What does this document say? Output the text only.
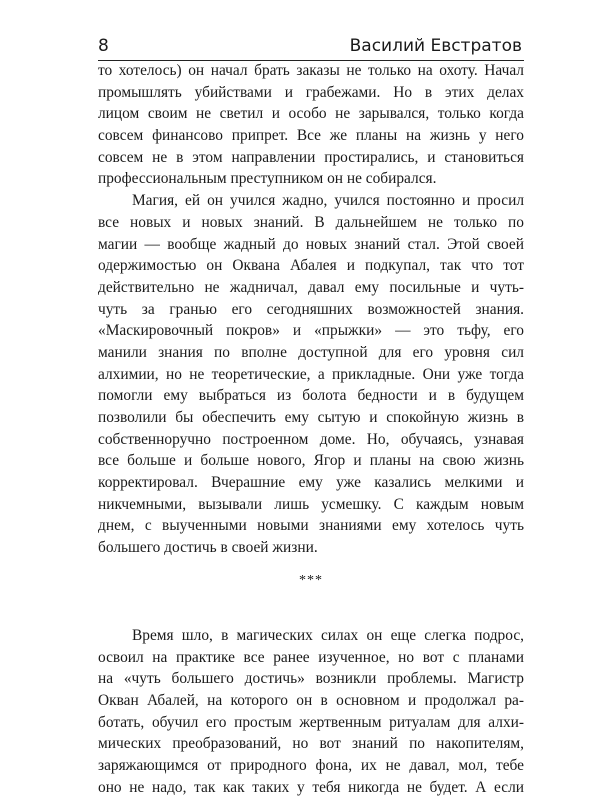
8	Василий Евстратов
то хотелось) он начал брать заказы не только на охоту. Начал
промышлять убийствами и грабежами. Но в этих делах
лицом своим не светил и особо не зарывался, только когда
совсем финансово припрет. Все же планы на жизнь у него
совсем не в этом направлении простирались, и становиться
профессиональным преступником он не собирался.
Магия, ей он учился жадно, учился постоянно и просил
все новых и новых знаний. В дальнейшем не только по
магии — вообще жадный до новых знаний стал. Этой своей
одержимостью он Оквана Абалея и подкупал, так что тот
действительно не жадничал, давал ему посильные и чуть-
чуть за гранью его сегодняшних возможностей знания.
«Маскировочный покров» и «прыжки» — это тьфу, его
манили знания по вполне доступной для его уровня сил
алхимии, но не теоретические, а прикладные. Они уже тогда
помогли ему выбраться из болота бедности и в будущем
позволили бы обеспечить ему сытую и спокойную жизнь в
собственноручно построенном доме. Но, обучаясь, узнавая
все больше и больше нового, Ягор и планы на свою жизнь
корректировал. Вчерашние ему уже казались мелкими и
никчемными, вызывали лишь усмешку. С каждым новым
днем, с выученными новыми знаниями ему хотелось чуть
большего достичь в своей жизни.
***
Время шло, в магических силах он еще слегка подрос,
освоил на практике все ранее изученное, но вот с планами
на «чуть большего достичь» возникли проблемы. Магистр
Окван Абалей, на которого он в основном и продолжал ра-
ботать, обучил его простым жертвенным ритуалам для алхи-
мических преобразований, но вот знаний по накопителям,
заряжающимся от природного фона, их не давал, мол, тебе
оно не надо, так как таких у тебя никогда не будет. А если
